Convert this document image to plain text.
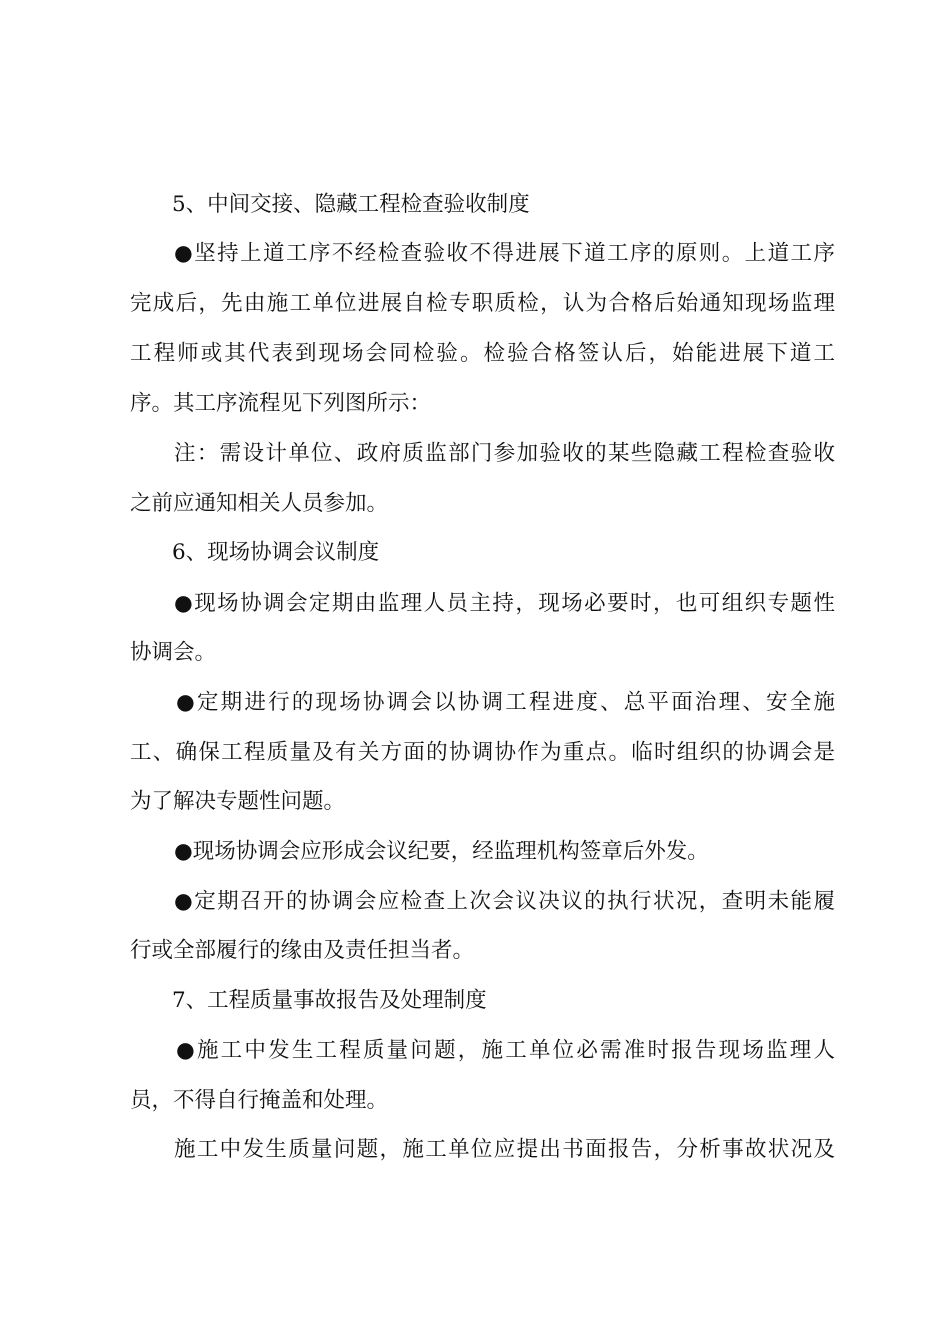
5、中间交接、隐藏工程检查验收制度
●坚持上道工序不经检查验收不得进展下道工序的原则。上道工序
完成后，先由施工单位进展自检专职质检，认为合格后始通知现场监理
工程师或其代表到现场会同检验。检验合格签认后，始能进展下道工
序。其工序流程见下列图所示：
注：需设计单位、政府质监部门参加验收的某些隐藏工程检查验收
之前应通知相关人员参加。
6、现场协调会议制度
●现场协调会定期由监理人员主持，现场必要时，也可组织专题性
协调会。
●定期进行的现场协调会以协调工程进度、总平面治理、安全施
工、确保工程质量及有关方面的协调协作为重点。临时组织的协调会是
为了解决专题性问题。
●现场协调会应形成会议纪要，经监理机构签章后外发。
●定期召开的协调会应检查上次会议决议的执行状况，查明未能履
行或全部履行的缘由及责任担当者。
7、工程质量事故报告及处理制度
●施工中发生工程质量问题，施工单位必需准时报告现场监理人
员，不得自行掩盖和处理。
施工中发生质量问题，施工单位应提出书面报告，分析事故状况及
